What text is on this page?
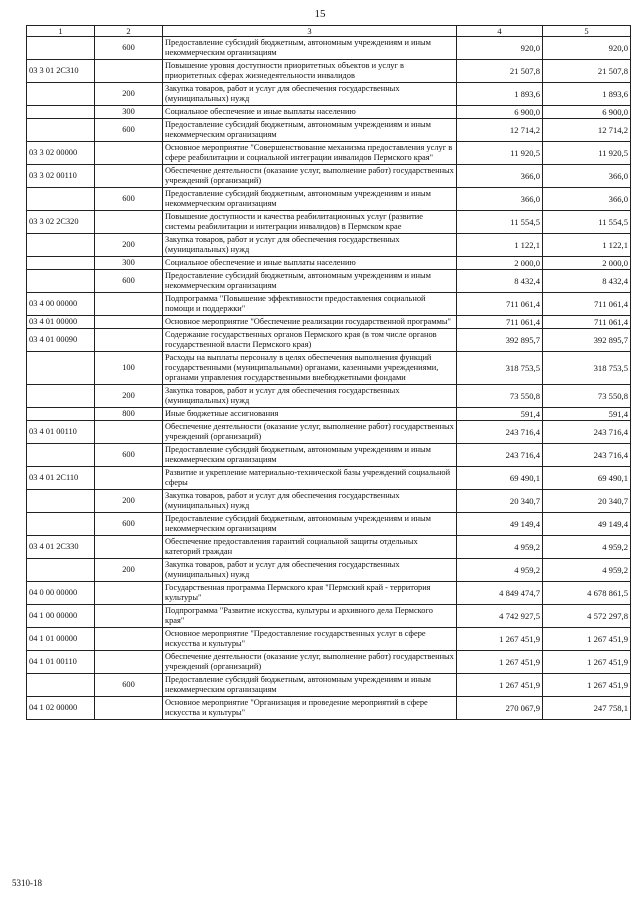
15
1	2	3	4	5
	600	Предоставление субсидий бюджетным, автономным учреждениям и иным некоммерческим организациям	920,0	920,0
03 3 01 2С310		Повышение уровня доступности приоритетных объектов и услуг в приоритетных сферах жизнедеятельности инвалидов	21 507,8	21 507,8
	200	Закупка товаров, работ и услуг для обеспечения государственных (муниципальных) нужд	1 893,6	1 893,6
	300	Социальное обеспечение и иные выплаты населению	6 900,0	6 900,0
	600	Предоставление субсидий бюджетным, автономным учреждениям и иным некоммерческим организациям	12 714,2	12 714,2
03 3 02 00000		Основное мероприятие "Совершенствование механизма предоставления услуг в сфере реабилитации и социальной интеграции инвалидов Пермского края"	11 920,5	11 920,5
03 3 02 00110		Обеспечение деятельности (оказание услуг, выполнение работ) государственных учреждений (организаций)	366,0	366,0
	600	Предоставление субсидий бюджетным, автономным учреждениям и иным некоммерческим организациям	366,0	366,0
03 3 02 2С320		Повышение доступности и качества реабилитационных услуг (развитие системы реабилитации и интеграции инвалидов) в Пермском крае	11 554,5	11 554,5
	200	Закупка товаров, работ и услуг для обеспечения государственных (муниципальных) нужд	1 122,1	1 122,1
	300	Социальное обеспечение и иные выплаты населению	2 000,0	2 000,0
	600	Предоставление субсидий бюджетным, автономным учреждениям и иным некоммерческим организациям	8 432,4	8 432,4
03 4 00 00000		Подпрограмма "Повышение эффективности предоставления социальной помощи и поддержки"	711 061,4	711 061,4
03 4 01 00000		Основное мероприятие "Обеспечение реализации государственной программы"	711 061,4	711 061,4
03 4 01 00090		Содержание государственных органов Пермского края (в том числе органов государственной власти Пермского края)	392 895,7	392 895,7
	100	Расходы на выплаты персоналу в целях обеспечения выполнения функций государственными (муниципальными) органами, казенными учреждениями, органами управления государственными внебюджетными фондами	318 753,5	318 753,5
	200	Закупка товаров, работ и услуг для обеспечения государственных (муниципальных) нужд	73 550,8	73 550,8
	800	Иные бюджетные ассигнования	591,4	591,4
03 4 01 00110		Обеспечение деятельности (оказание услуг, выполнение работ) государственных учреждений (организаций)	243 716,4	243 716,4
	600	Предоставление субсидий бюджетным, автономным учреждениям и иным некоммерческим организациям	243 716,4	243 716,4
03 4 01 2С110		Развитие и укрепление материально-технической базы учреждений социальной сферы	69 490,1	69 490,1
	200	Закупка товаров, работ и услуг для обеспечения государственных (муниципальных) нужд	20 340,7	20 340,7
	600	Предоставление субсидий бюджетным, автономным учреждениям и иным некоммерческим организациям	49 149,4	49 149,4
03 4 01 2С330		Обеспечение предоставления гарантий социальной защиты отдельных категорий граждан	4 959,2	4 959,2
	200	Закупка товаров, работ и услуг для обеспечения государственных (муниципальных) нужд	4 959,2	4 959,2
04 0 00 00000		Государственная программа Пермского края "Пермский край - территория культуры"	4 849 474,7	4 678 861,5
04 1 00 00000		Подпрограмма "Развитие искусства, культуры и архивного дела Пермского края"	4 742 927,5	4 572 297,8
04 1 01 00000		Основное мероприятие "Предоставление государственных услуг в сфере искусства и культуры"	1 267 451,9	1 267 451,9
04 1 01 00110		Обеспечение деятельности (оказание услуг, выполнение работ) государственных учреждений (организаций)	1 267 451,9	1 267 451,9
	600	Предоставление субсидий бюджетным, автономным учреждениям и иным некоммерческим организациям	1 267 451,9	1 267 451,9
04 1 02 00000		Основное мероприятие "Организация и проведение мероприятий в сфере искусства и культуры"	270 067,9	247 758,1
5310-18
